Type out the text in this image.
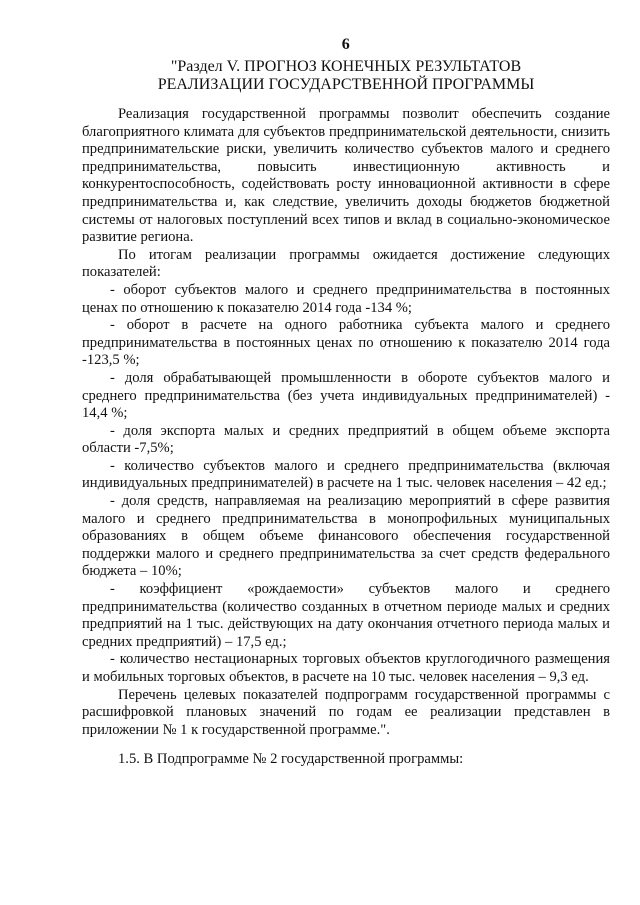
6
"Раздел V. ПРОГНОЗ КОНЕЧНЫХ РЕЗУЛЬТАТОВ
РЕАЛИЗАЦИИ ГОСУДАРСТВЕННОЙ ПРОГРАММЫ

Реализация государственной программы позволит обеспечить создание благоприятного климата для субъектов предпринимательской деятельности, снизить предпринимательские риски, увеличить количество субъектов малого и среднего предпринимательства, повысить инвестиционную активность и конкурентоспособность, содействовать росту инновационной активности в сфере предпринимательства и, как следствие, увеличить доходы бюджетов бюджетной системы от налоговых поступлений всех типов и вклад в социально-экономическое развитие региона.

По итогам реализации программы ожидается достижение следующих показателей:

- оборот субъектов малого и среднего предпринимательства в постоянных ценах по отношению к показателю 2014 года -134 %;

- оборот в расчете на одного работника субъекта малого и среднего предпринимательства в постоянных ценах по отношению к показателю 2014 года -123,5 %;

- доля обрабатывающей промышленности в обороте субъектов малого и среднего предпринимательства (без учета индивидуальных предпринимателей) - 14,4 %;

- доля экспорта малых и средних предприятий в общем объеме экспорта области -7,5%;

- количество субъектов малого и среднего предпринимательства (включая индивидуальных предпринимателей) в расчете на 1 тыс. человек населения – 42 ед.;

- доля средств, направляемая на реализацию мероприятий в сфере развития малого и среднего предпринимательства в монопрофильных муниципальных образованиях в общем объеме финансового обеспечения государственной поддержки малого и среднего предпринимательства за счет средств федерального бюджета – 10%;

- коэффициент «рождаемости» субъектов малого и среднего предпринимательства (количество созданных в отчетном периоде малых и средних предприятий на 1 тыс. действующих на дату окончания отчетного периода малых и средних предприятий) – 17,5 ед.;

- количество нестационарных торговых объектов круглогодичного размещения и мобильных торговых объектов, в расчете на 10 тыс. человек населения – 9,3 ед.

Перечень целевых показателей подпрограмм государственной программы с расшифровкой плановых значений по годам ее реализации представлен в приложении № 1 к государственной программе.".

1.5. В Подпрограмме № 2 государственной программы:
